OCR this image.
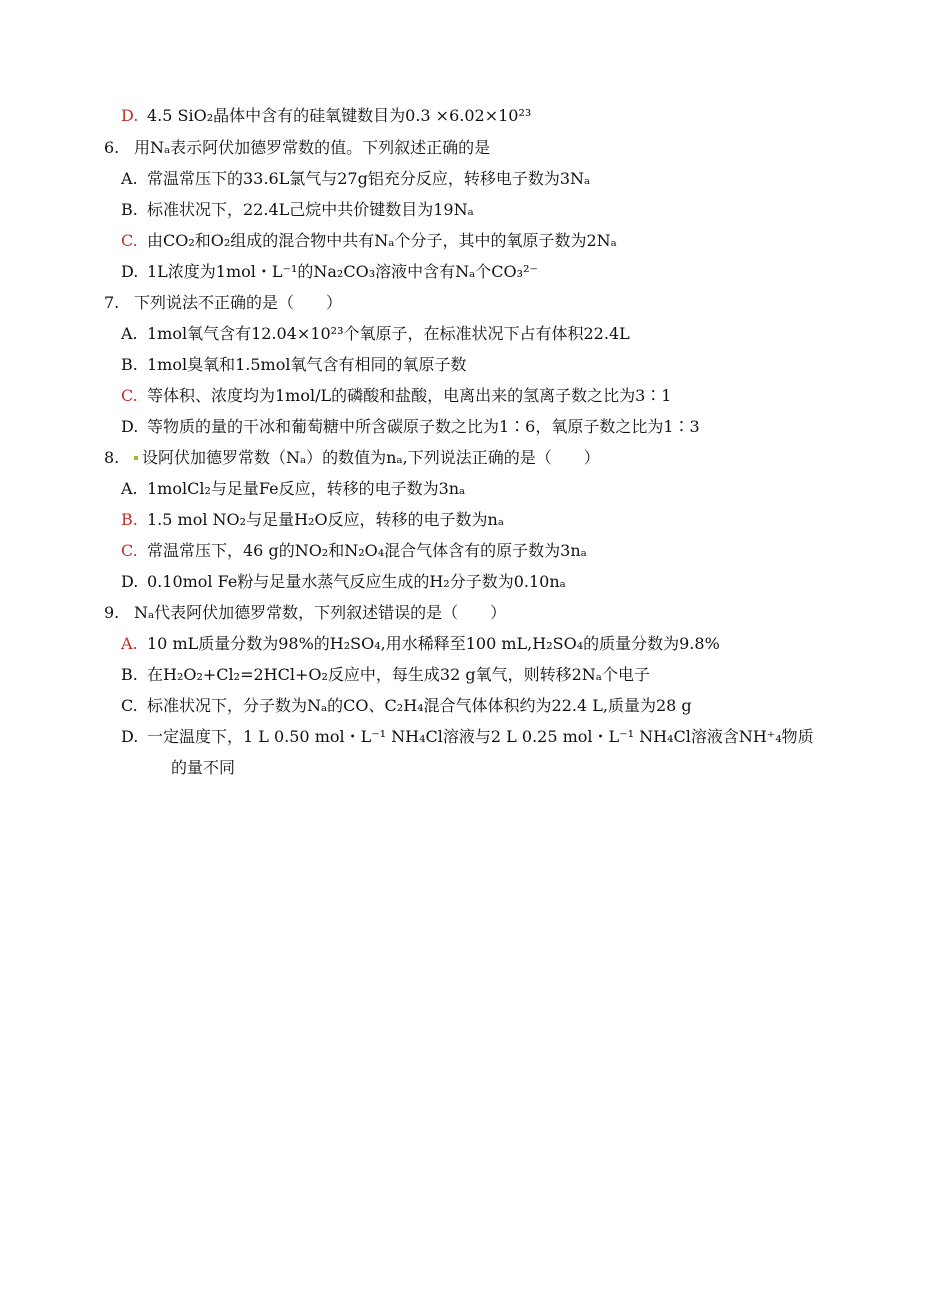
D. 4.5 SiO₂晶体中含有的硅氧键数目为0.3 ×6.02×10²³
6. 用Nₐ表示阿伏加德罗常数的值。下列叙述正确的是
A. 常温常压下的33.6L氯气与27g铝充分反应，转移电子数为3Nₐ
B. 标准状况下，22.4L己烷中共价键数目为19Nₐ
C. 由CO₂和O₂组成的混合物中共有Nₐ个分子，其中的氧原子数为2Nₐ
D. 1L浓度为1mol・L⁻¹的Na₂CO₃溶液中含有Nₐ个CO₃²⁻
7. 下列说法不正确的是（　　）
A. 1mol氧气含有12.04×10²³个氧原子，在标准状况下占有体积22.4L
B. 1mol臭氧和1.5mol氧气含有相同的氧原子数
C. 等体积、浓度均为1mol/L的磷酸和盐酸，电离出来的氢离子数之比为3∶1
D. 等物质的量的干冰和葡萄糖中所含碳原子数之比为1∶6，氧原子数之比为1∶3
8. 设阿伏加德罗常数（Nₐ）的数值为nₐ,下列说法正确的是（　　）
A. 1molCl₂与足量Fe反应，转移的电子数为3nₐ
B. 1.5 mol NO₂与足量H₂O反应，转移的电子数为nₐ
C. 常温常压下，46 g的NO₂和N₂O₄混合气体含有的原子数为3nₐ
D. 0.10mol Fe粉与足量水蒸气反应生成的H₂分子数为0.10nₐ
9. Nₐ代表阿伏加德罗常数，下列叙述错误的是（　　）
A. 10 mL质量分数为98%的H₂SO₄,用水稀释至100 mL,H₂SO₄的质量分数为9.8%
B. 在H₂O₂+Cl₂=2HCl+O₂反应中，每生成32 g氧气，则转移2Nₐ个电子
C. 标准状况下，分子数为Nₐ的CO、C₂H₄混合气体体积约为22.4 L,质量为28 g
D. 一定温度下，1 L 0.50 mol・L⁻¹ NH₄Cl溶液与2 L 0.25 mol・L⁻¹ NH₄Cl溶液含NH⁺₄物质
的量不同
